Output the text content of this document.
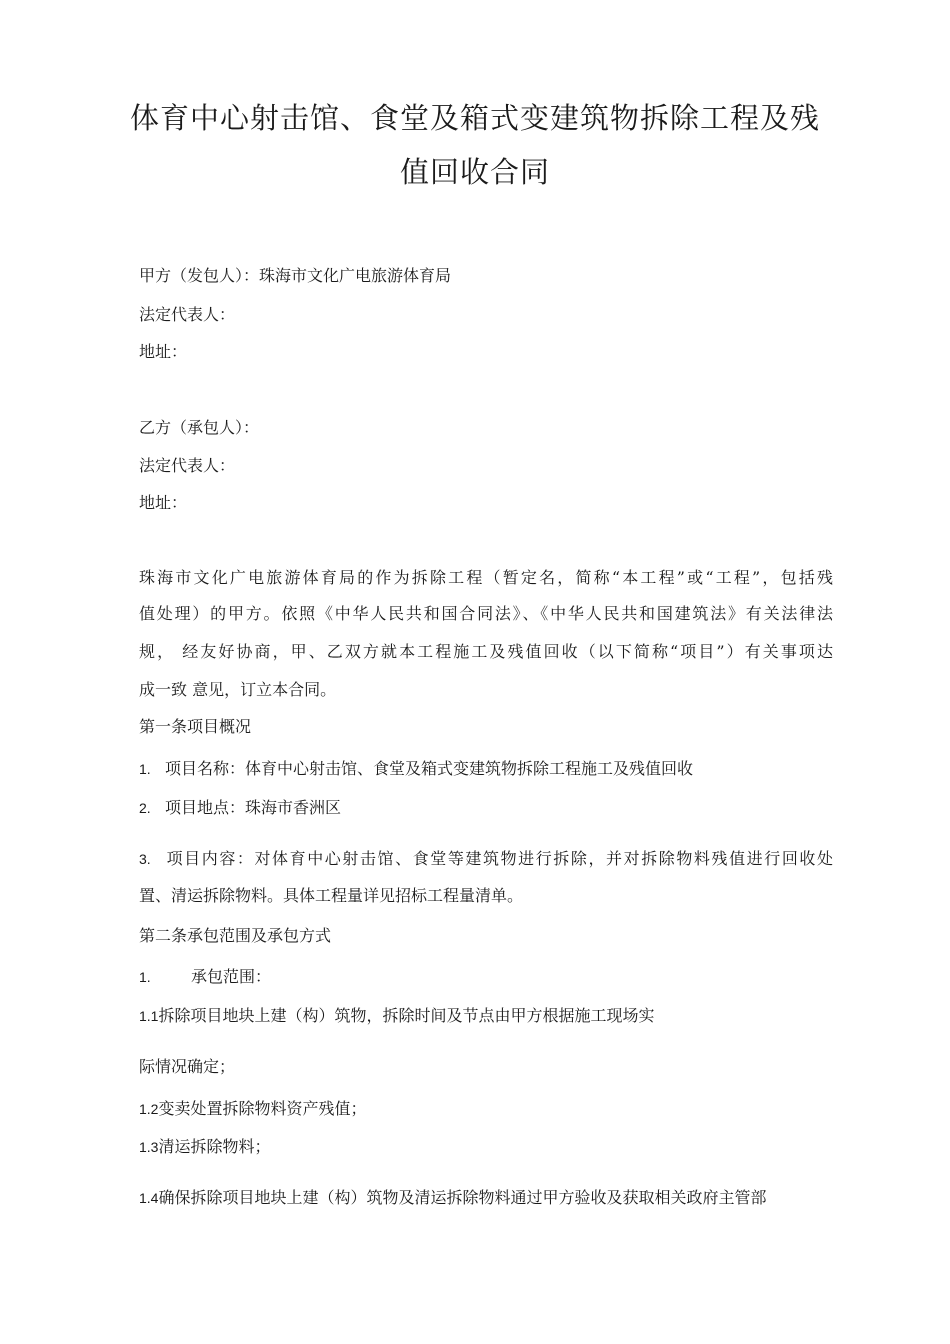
体育中心射击馆、食堂及箱式变建筑物拆除工程及残
值回收合同
甲方（发包人）：珠海市文化广电旅游体育局
法定代表人：
地址：
乙方（承包人）：
法定代表人：
地址：
珠海市文化广电旅游体育局的作为拆除工程（暂定名，简称“本工程”或“工程”，包括残
值处理）的甲方。依照《中华人民共和国合同法》、《中华人民共和国建筑法》有关法律法
规， 经友好协商，甲、乙双方就本工程施工及残值回收（以下简称“项目”）有关事项达
成一致 意见，订立本合同。
第一条项目概况
1. 项目名称：体育中心射击馆、食堂及箱式变建筑物拆除工程施工及残值回收
2. 项目地点：珠海市香洲区
3. 项目内容：对体育中心射击馆、食堂等建筑物进行拆除，并对拆除物料残值进行回收处
置、清运拆除物料。具体工程量详见招标工程量清单。
第二条承包范围及承包方式
1.	承包范围：
1.1拆除项目地块上建（构）筑物，拆除时间及节点由甲方根据施工现场实
际情况确定；
1.2变卖处置拆除物料资产残值；
1.3清运拆除物料；
1.4确保拆除项目地块上建（构）筑物及清运拆除物料通过甲方验收及获取相关政府主管部
